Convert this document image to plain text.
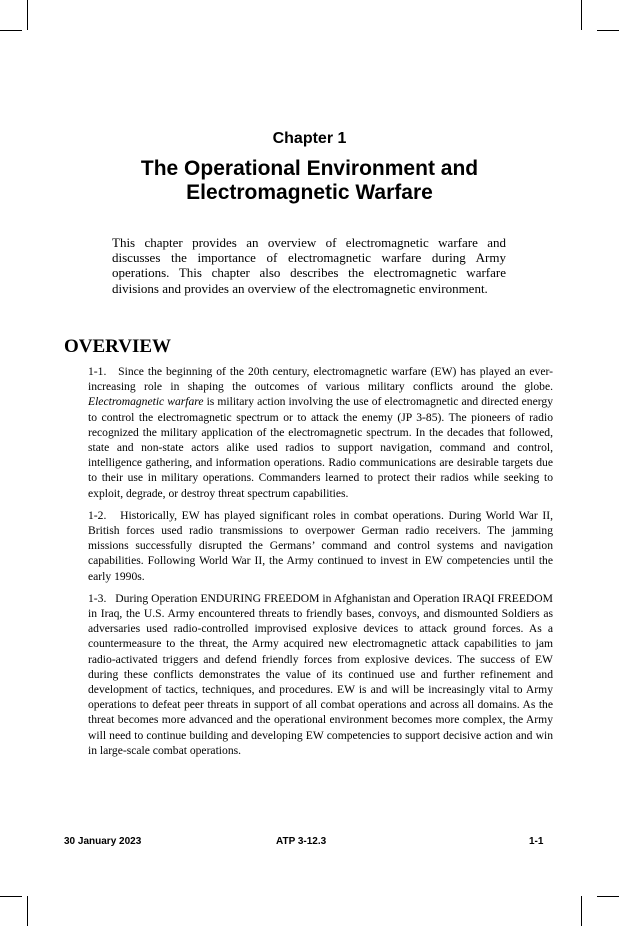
Chapter 1
The Operational Environment and
Electromagnetic Warfare

This chapter provides an overview of electromagnetic warfare and discusses the importance of electromagnetic warfare during Army operations. This chapter also describes the electromagnetic warfare divisions and provides an overview of the electromagnetic environment.

OVERVIEW

1-1. Since the beginning of the 20th century, electromagnetic warfare (EW) has played an ever-increasing role in shaping the outcomes of various military conflicts around the globe. Electromagnetic warfare is military action involving the use of electromagnetic and directed energy to control the electromagnetic spectrum or to attack the enemy (JP 3-85). The pioneers of radio recognized the military application of the electromagnetic spectrum. In the decades that followed, state and non-state actors alike used radios to support navigation, command and control, intelligence gathering, and information operations. Radio communications are desirable targets due to their use in military operations. Commanders learned to protect their radios while seeking to exploit, degrade, or destroy threat spectrum capabilities.

1-2. Historically, EW has played significant roles in combat operations. During World War II, British forces used radio transmissions to overpower German radio receivers. The jamming missions successfully disrupted the Germans’ command and control systems and navigation capabilities. Following World War II, the Army continued to invest in EW competencies until the early 1990s.

1-3. During Operation ENDURING FREEDOM in Afghanistan and Operation IRAQI FREEDOM in Iraq, the U.S. Army encountered threats to friendly bases, convoys, and dismounted Soldiers as adversaries used radio-controlled improvised explosive devices to attack ground forces. As a countermeasure to the threat, the Army acquired new electromagnetic attack capabilities to jam radio-activated triggers and defend friendly forces from explosive devices. The success of EW during these conflicts demonstrates the value of its continued use and further refinement and development of tactics, techniques, and procedures. EW is and will be increasingly vital to Army operations to defeat peer threats in support of all combat operations and across all domains. As the threat becomes more advanced and the operational environment becomes more complex, the Army will need to continue building and developing EW competencies to support decisive action and win in large-scale combat operations.

30 January 2023	ATP 3-12.3	1-1
